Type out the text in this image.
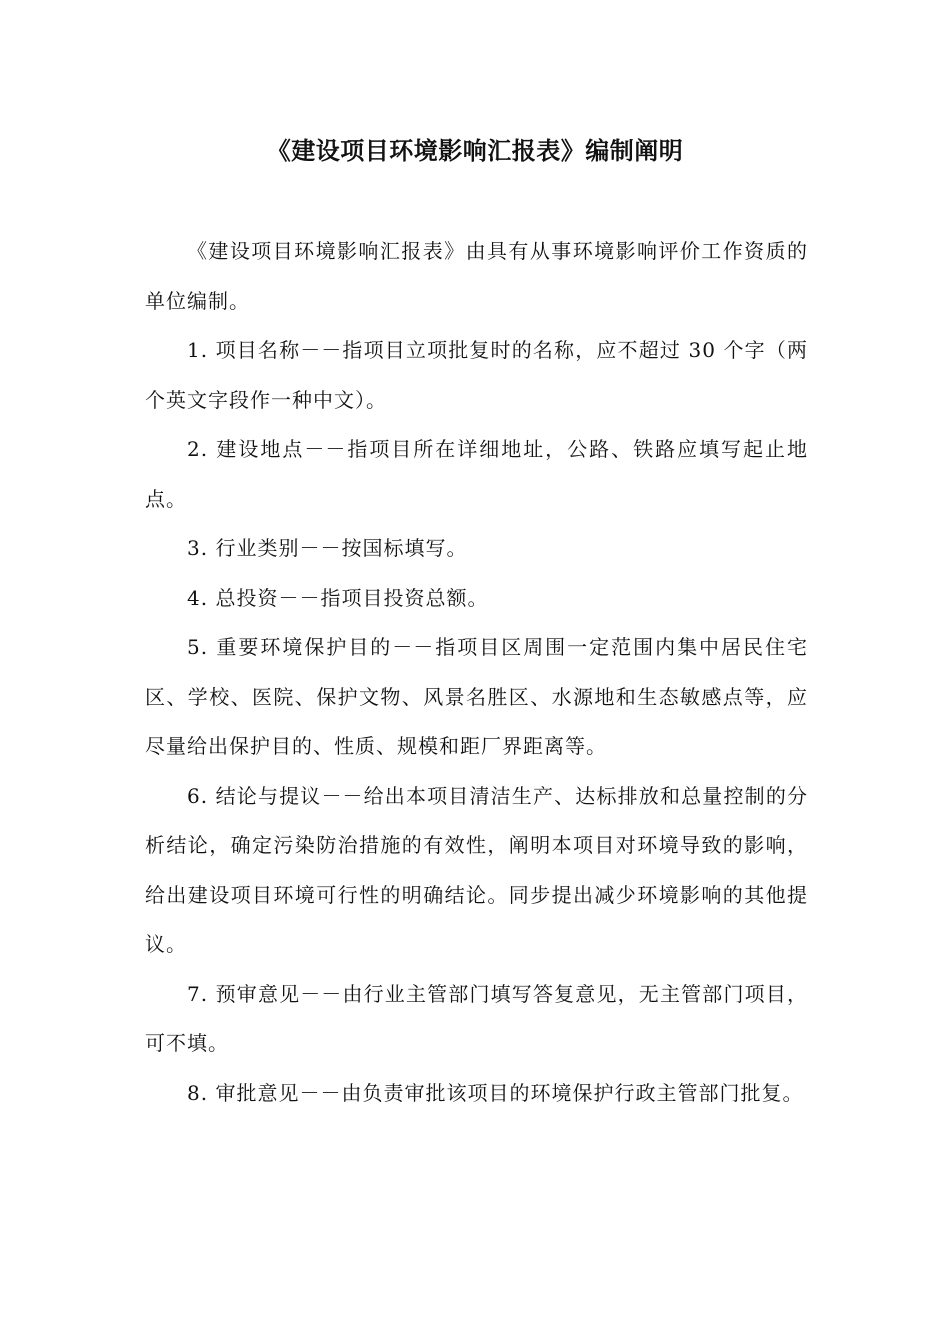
《建设项目环境影响汇报表》编制阐明

《建设项目环境影响汇报表》由具有从事环境影响评价工作资质的单位编制。

1. 项目名称－－指项目立项批复时的名称，应不超过 30 个字（两个英文字段作一种中文）。

2. 建设地点－－指项目所在详细地址，公路、铁路应填写起止地点。

3. 行业类别－－按国标填写。

4. 总投资－－指项目投资总额。

5. 重要环境保护目的－－指项目区周围一定范围内集中居民住宅区、学校、医院、保护文物、风景名胜区、水源地和生态敏感点等，应尽量给出保护目的、性质、规模和距厂界距离等。

6. 结论与提议－－给出本项目清洁生产、达标排放和总量控制的分析结论，确定污染防治措施的有效性，阐明本项目对环境导致的影响，给出建设项目环境可行性的明确结论。同步提出减少环境影响的其他提议。

7. 预审意见－－由行业主管部门填写答复意见，无主管部门项目，可不填。

8. 审批意见－－由负责审批该项目的环境保护行政主管部门批复。
